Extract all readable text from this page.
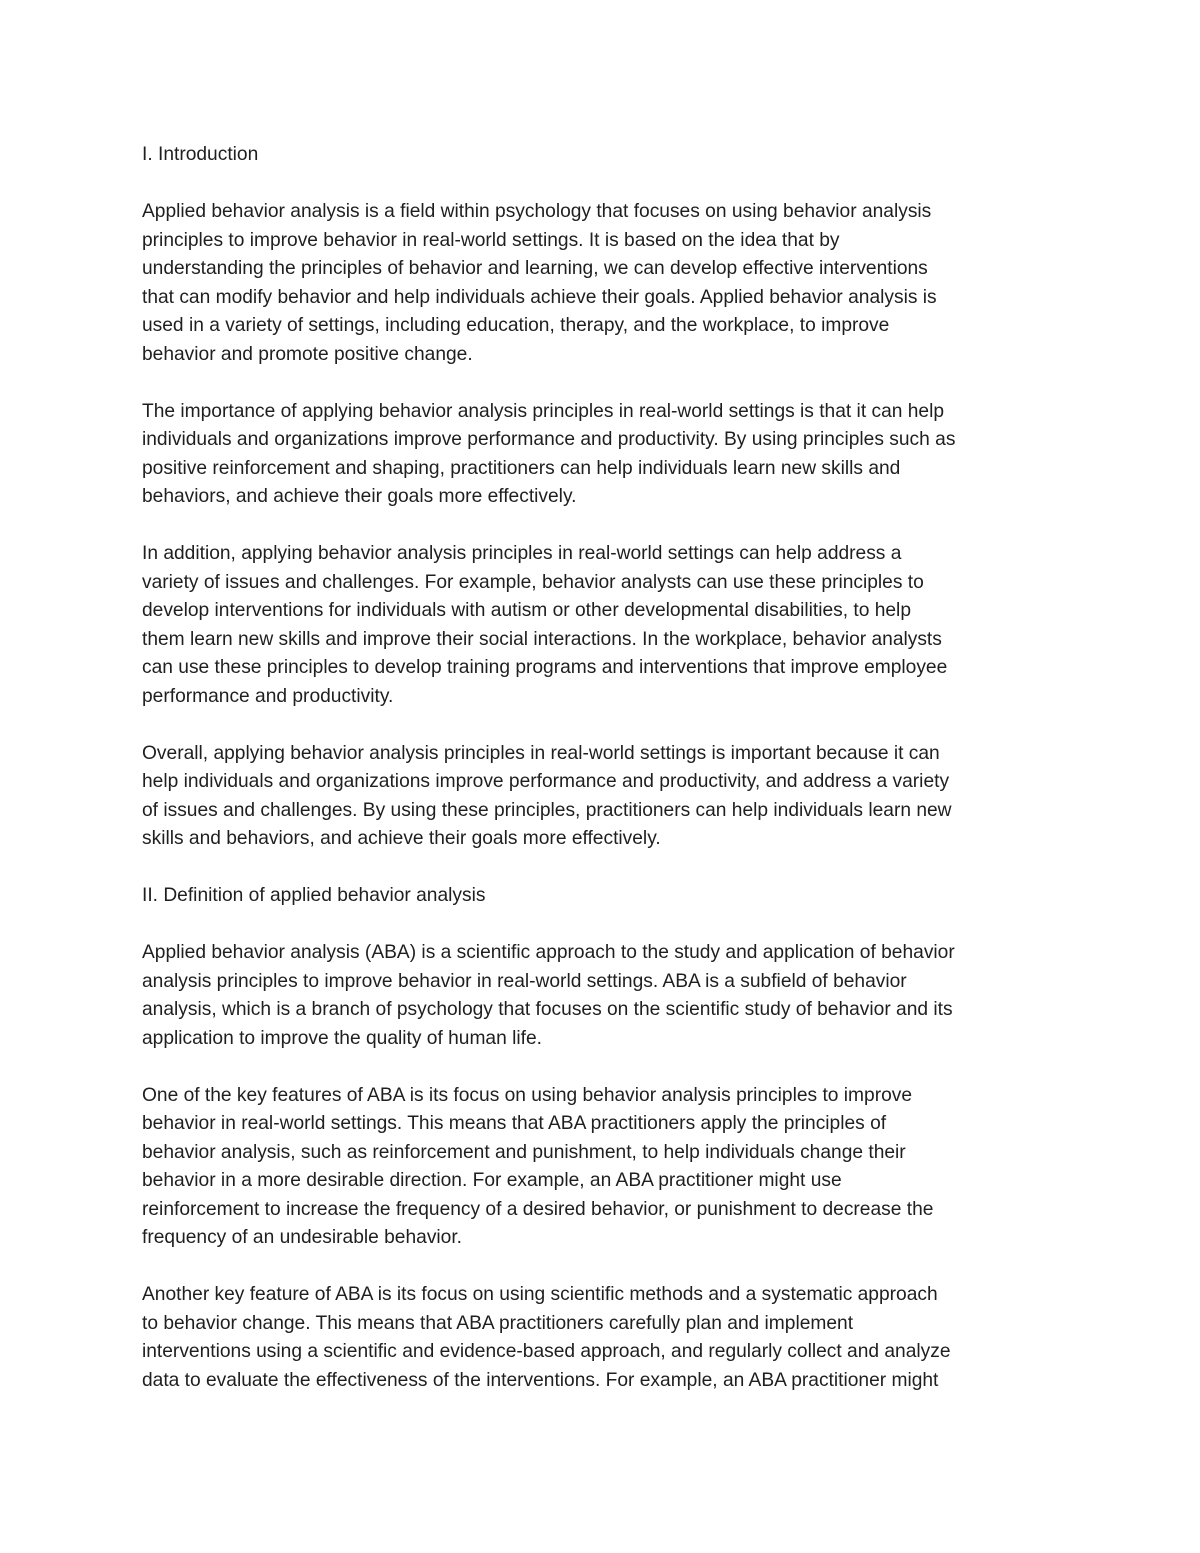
I. Introduction
Applied behavior analysis is a field within psychology that focuses on using behavior analysis
principles to improve behavior in real-world settings. It is based on the idea that by
understanding the principles of behavior and learning, we can develop effective interventions
that can modify behavior and help individuals achieve their goals. Applied behavior analysis is
used in a variety of settings, including education, therapy, and the workplace, to improve
behavior and promote positive change.
The importance of applying behavior analysis principles in real-world settings is that it can help
individuals and organizations improve performance and productivity. By using principles such as
positive reinforcement and shaping, practitioners can help individuals learn new skills and
behaviors, and achieve their goals more effectively.
In addition, applying behavior analysis principles in real-world settings can help address a
variety of issues and challenges. For example, behavior analysts can use these principles to
develop interventions for individuals with autism or other developmental disabilities, to help
them learn new skills and improve their social interactions. In the workplace, behavior analysts
can use these principles to develop training programs and interventions that improve employee
performance and productivity.
Overall, applying behavior analysis principles in real-world settings is important because it can
help individuals and organizations improve performance and productivity, and address a variety
of issues and challenges. By using these principles, practitioners can help individuals learn new
skills and behaviors, and achieve their goals more effectively.
II. Definition of applied behavior analysis
Applied behavior analysis (ABA) is a scientific approach to the study and application of behavior
analysis principles to improve behavior in real-world settings. ABA is a subfield of behavior
analysis, which is a branch of psychology that focuses on the scientific study of behavior and its
application to improve the quality of human life.
One of the key features of ABA is its focus on using behavior analysis principles to improve
behavior in real-world settings. This means that ABA practitioners apply the principles of
behavior analysis, such as reinforcement and punishment, to help individuals change their
behavior in a more desirable direction. For example, an ABA practitioner might use
reinforcement to increase the frequency of a desired behavior, or punishment to decrease the
frequency of an undesirable behavior.
Another key feature of ABA is its focus on using scientific methods and a systematic approach
to behavior change. This means that ABA practitioners carefully plan and implement
interventions using a scientific and evidence-based approach, and regularly collect and analyze
data to evaluate the effectiveness of the interventions. For example, an ABA practitioner might
